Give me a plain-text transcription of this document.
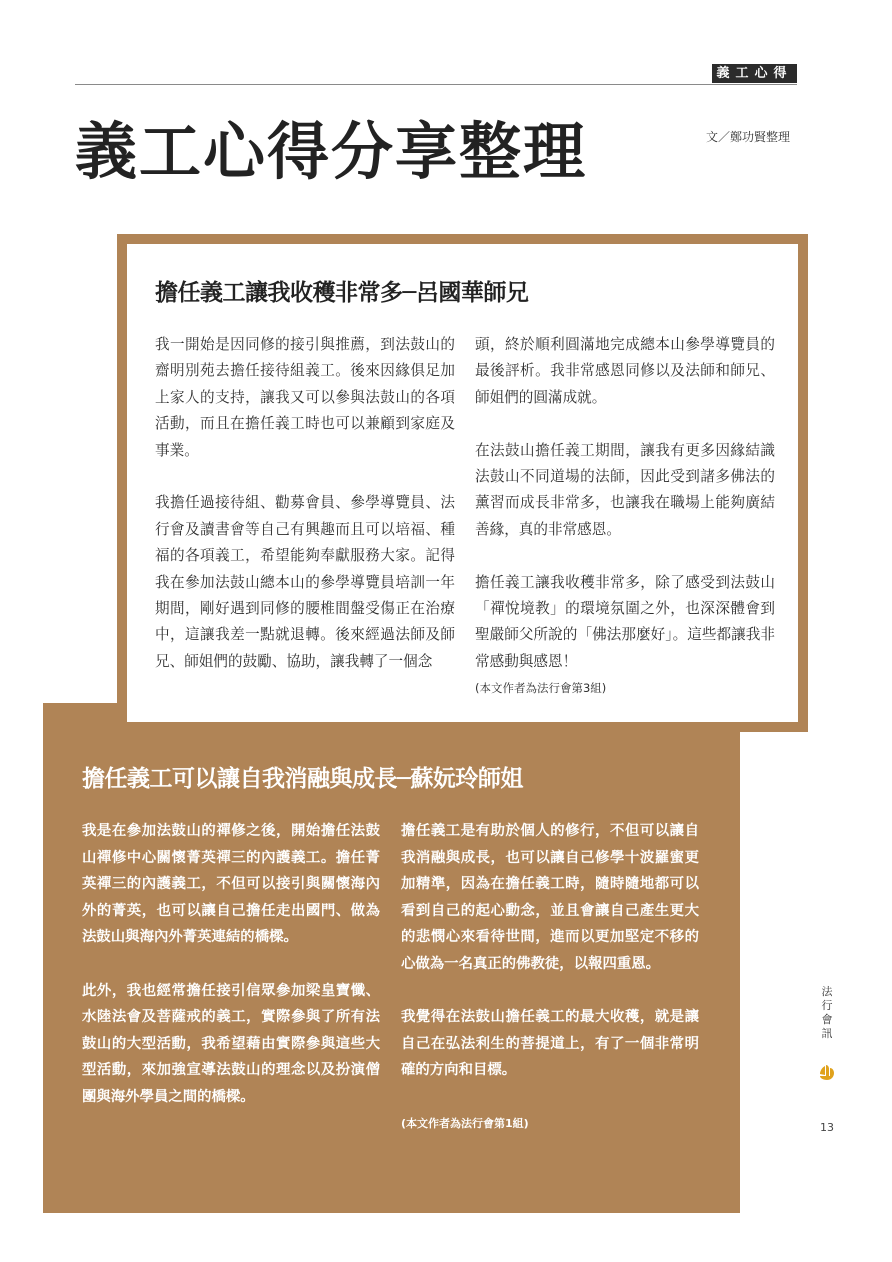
義工心得
義工心得分享整理	文／鄭功賢整理
擔任義工讓我收穫非常多─呂國華師兄
我一開始是因同修的接引與推薦，到法鼓山的齋明別苑去擔任接待組義工。後來因緣俱足加上家人的支持，讓我又可以參與法鼓山的各項活動，而且在擔任義工時也可以兼顧到家庭及事業。

我擔任過接待組、勸募會員、參學導覽員、法行會及讀書會等自己有興趣而且可以培福、種福的各項義工，希望能夠奉獻服務大家。記得我在參加法鼓山總本山的參學導覽員培訓一年期間，剛好遇到同修的腰椎間盤受傷正在治療中，這讓我差一點就退轉。後來經過法師及師兄、師姐們的鼓勵、協助，讓我轉了一個念
頭，終於順利圓滿地完成總本山參學導覽員的最後評析。我非常感恩同修以及法師和師兄、師姐們的圓滿成就。

在法鼓山擔任義工期間，讓我有更多因緣結識法鼓山不同道場的法師，因此受到諸多佛法的薰習而成長非常多，也讓我在職場上能夠廣結善緣，真的非常感恩。

擔任義工讓我收穫非常多，除了感受到法鼓山「禪悅境教」的環境氛圍之外，也深深體會到聖嚴師父所說的「佛法那麼好」。這些都讓我非常感動與感恩！
(本文作者為法行會第3組)
擔任義工可以讓自我消融與成長─蘇妧玲師姐
我是在參加法鼓山的禪修之後，開始擔任法鼓山禪修中心關懷菁英禪三的內護義工。擔任菁英禪三的內護義工，不但可以接引與關懷海內外的菁英，也可以讓自己擔任走出國門、做為法鼓山與海內外菁英連結的橋樑。

此外，我也經常擔任接引信眾參加梁皇寶懺、水陸法會及菩薩戒的義工，實際參與了所有法鼓山的大型活動，我希望藉由實際參與這些大型活動，來加強宣導法鼓山的理念以及扮演僧團與海外學員之間的橋樑。
擔任義工是有助於個人的修行，不但可以讓自我消融與成長，也可以讓自己修學十波羅蜜更加精準，因為在擔任義工時，隨時隨地都可以看到自己的起心動念，並且會讓自己產生更大的悲憫心來看待世間，進而以更加堅定不移的心做為一名真正的佛教徒，以報四重恩。

我覺得在法鼓山擔任義工的最大收穫，就是讓自己在弘法利生的菩提道上，有了一個非常明確的方向和目標。

(本文作者為法行會第1組)
法
行
會
訊
13
